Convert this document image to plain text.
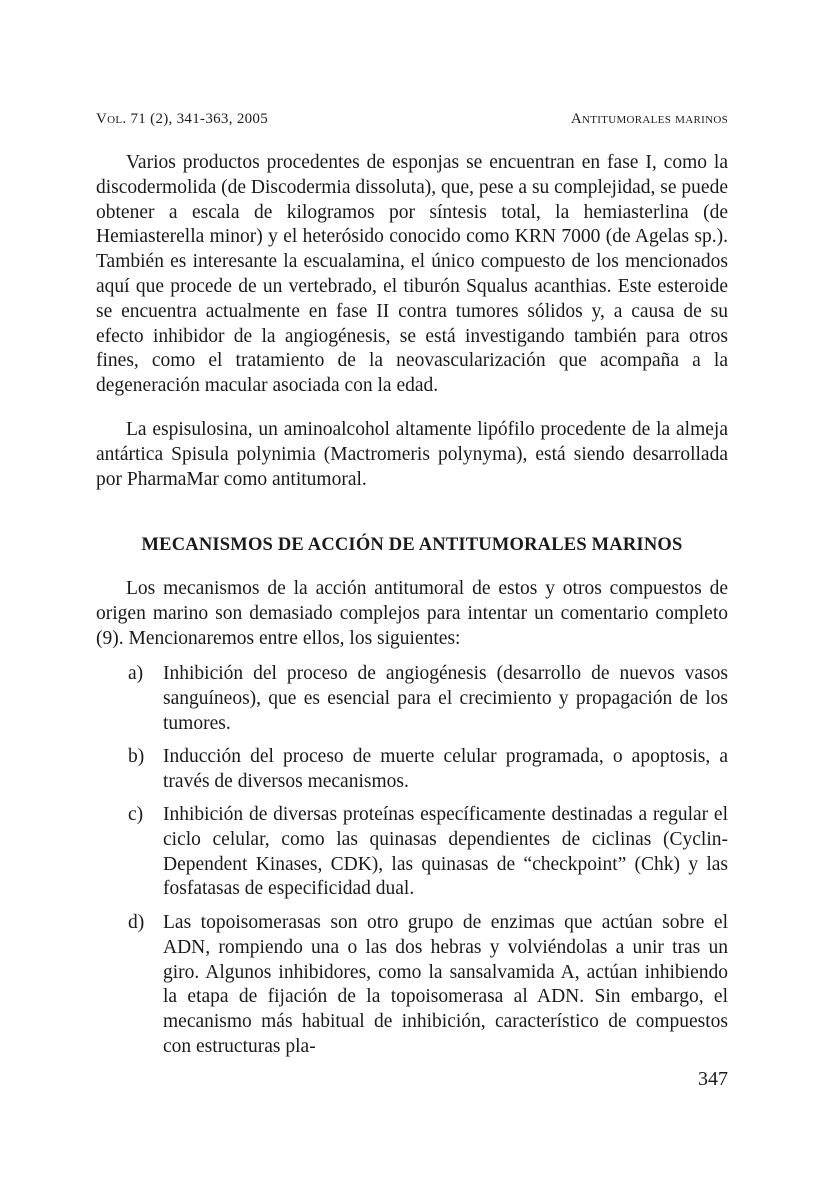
Vol. 71 (2), 341-363, 2005	Antitumorales marinos

Varios productos procedentes de esponjas se encuentran en fase I, como la discodermolida (de Discodermia dissoluta), que, pese a su complejidad, se puede obtener a escala de kilogramos por síntesis total, la hemiasterlina (de Hemiasterella minor) y el heterósido conocido como KRN 7000 (de Agelas sp.). También es interesante la escualamina, el único compuesto de los mencionados aquí que procede de un vertebrado, el tiburón Squalus acanthias. Este esteroide se encuentra actualmente en fase II contra tumores sólidos y, a causa de su efecto inhibidor de la angiogénesis, se está investigando también para otros fines, como el tratamiento de la neovascularización que acompaña a la degeneración macular asociada con la edad.

La espisulosina, un aminoalcohol altamente lipófilo procedente de la almeja antártica Spisula polynimia (Mactromeris polynyma), está siendo desarrollada por PharmaMar como antitumoral.

MECANISMOS DE ACCIÓN DE ANTITUMORALES MARINOS

Los mecanismos de la acción antitumoral de estos y otros compuestos de origen marino son demasiado complejos para intentar un comentario completo (9). Mencionaremos entre ellos, los siguientes:

a)	Inhibición del proceso de angiogénesis (desarrollo de nuevos vasos sanguíneos), que es esencial para el crecimiento y propagación de los tumores.
b) Inducción del proceso de muerte celular programada, o apoptosis, a través de diversos mecanismos.
c)	Inhibición de diversas proteínas específicamente destinadas a regular el ciclo celular, como las quinasas dependientes de ciclinas (Cyclin-Dependent Kinases, CDK), las quinasas de “checkpoint” (Chk) y las fosfatasas de especificidad dual.
d) Las topoisomerasas son otro grupo de enzimas que actúan sobre el ADN, rompiendo una o las dos hebras y volviéndolas a unir tras un giro. Algunos inhibidores, como la sansalvamida A, actúan inhibiendo la etapa de fijación de la topoisomerasa al ADN. Sin embargo, el mecanismo más habitual de inhibición, característico de compuestos con estructuras pla-
347
